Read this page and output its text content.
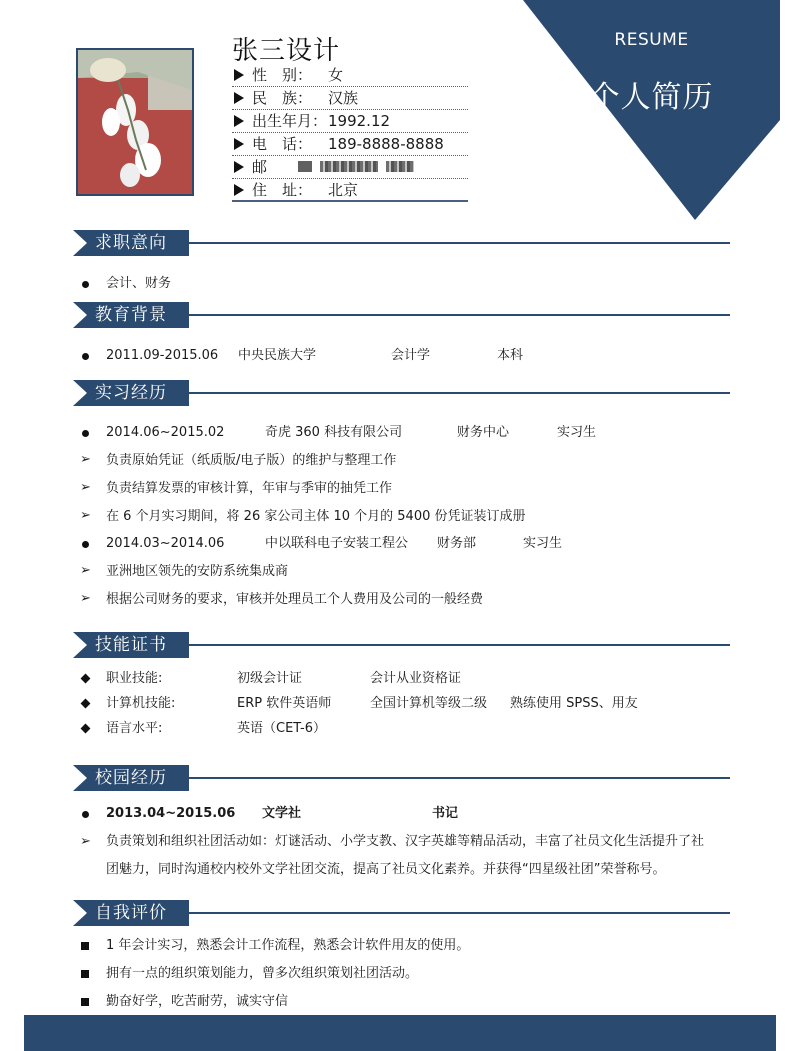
RESUME
个人简历
张三设计
性　别： 女
民　族： 汉族
出生年月： 1992.12
电　话： 189-8888-8888
邮
住　址： 北京
求职意向
会计、财务
教育背景
2011.09-2015.06 中央民族大学	会计学	本科
实习经历
2014.06~2015.02	奇虎 360 科技有限公司	财务中心	实习生
➢ 负责原始凭证（纸质版/电子版）的维护与整理工作
➢ 负责结算发票的审核计算，年审与季审的抽凭工作
➢ 在 6 个月实习期间，将 26 家公司主体 10 个月的 5400 份凭证装订成册
2014.03~2014.06	中以联科电子安装工程公 财务部	实习生
➢ 亚洲地区领先的安防系统集成商
➢ 根据公司财务的要求，审核并处理员工个人费用及公司的一般经费
技能证书
职业技能:	初级会计证	会计从业资格证
计算机技能:	ERP 软件英语师	全国计算机等级二级 熟练使用 SPSS、用友
语言水平:	英语（CET-6）
校园经历
2013.04~2015.06 文学社	书记
➢ 负责策划和组织社团活动如：灯谜活动、小学支教、汉字英雄等精品活动，丰富了社员文化生活提升了社
团魅力，同时沟通校内校外文学社团交流，提高了社员文化素养。并获得“四星级社团”荣誉称号。
自我评价
1 年会计实习，熟悉会计工作流程，熟悉会计软件用友的使用。
拥有一点的组织策划能力，曾多次组织策划社团活动。
勤奋好学，吃苦耐劳，诚实守信
